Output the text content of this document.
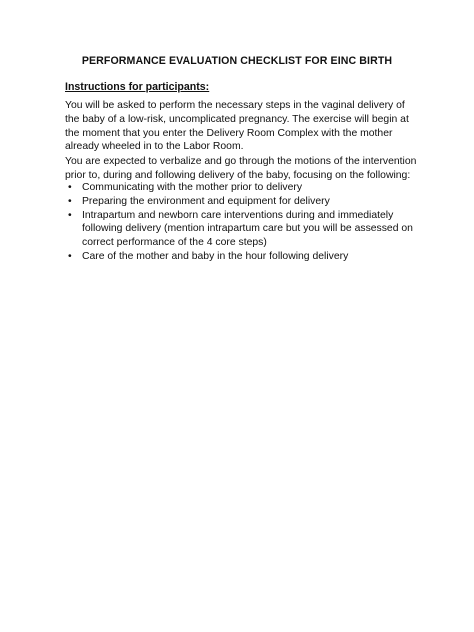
PERFORMANCE EVALUATION CHECKLIST FOR EINC BIRTH
Instructions for participants:
You will be asked to perform the necessary steps in the vaginal delivery of the baby of a low-risk, uncomplicated pregnancy. The exercise will begin at the moment that you enter the Delivery Room Complex with the mother already wheeled in to the Labor Room.
You are expected to verbalize and go through the motions of the intervention prior to, during and following delivery of the baby, focusing on the following:
• Communicating with the mother prior to delivery
• Preparing the environment and equipment for delivery
• Intrapartum and newborn care interventions during and immediately following delivery (mention intrapartum care but you will be assessed on correct performance of the 4 core steps)
• Care of the mother and baby in the hour following delivery
